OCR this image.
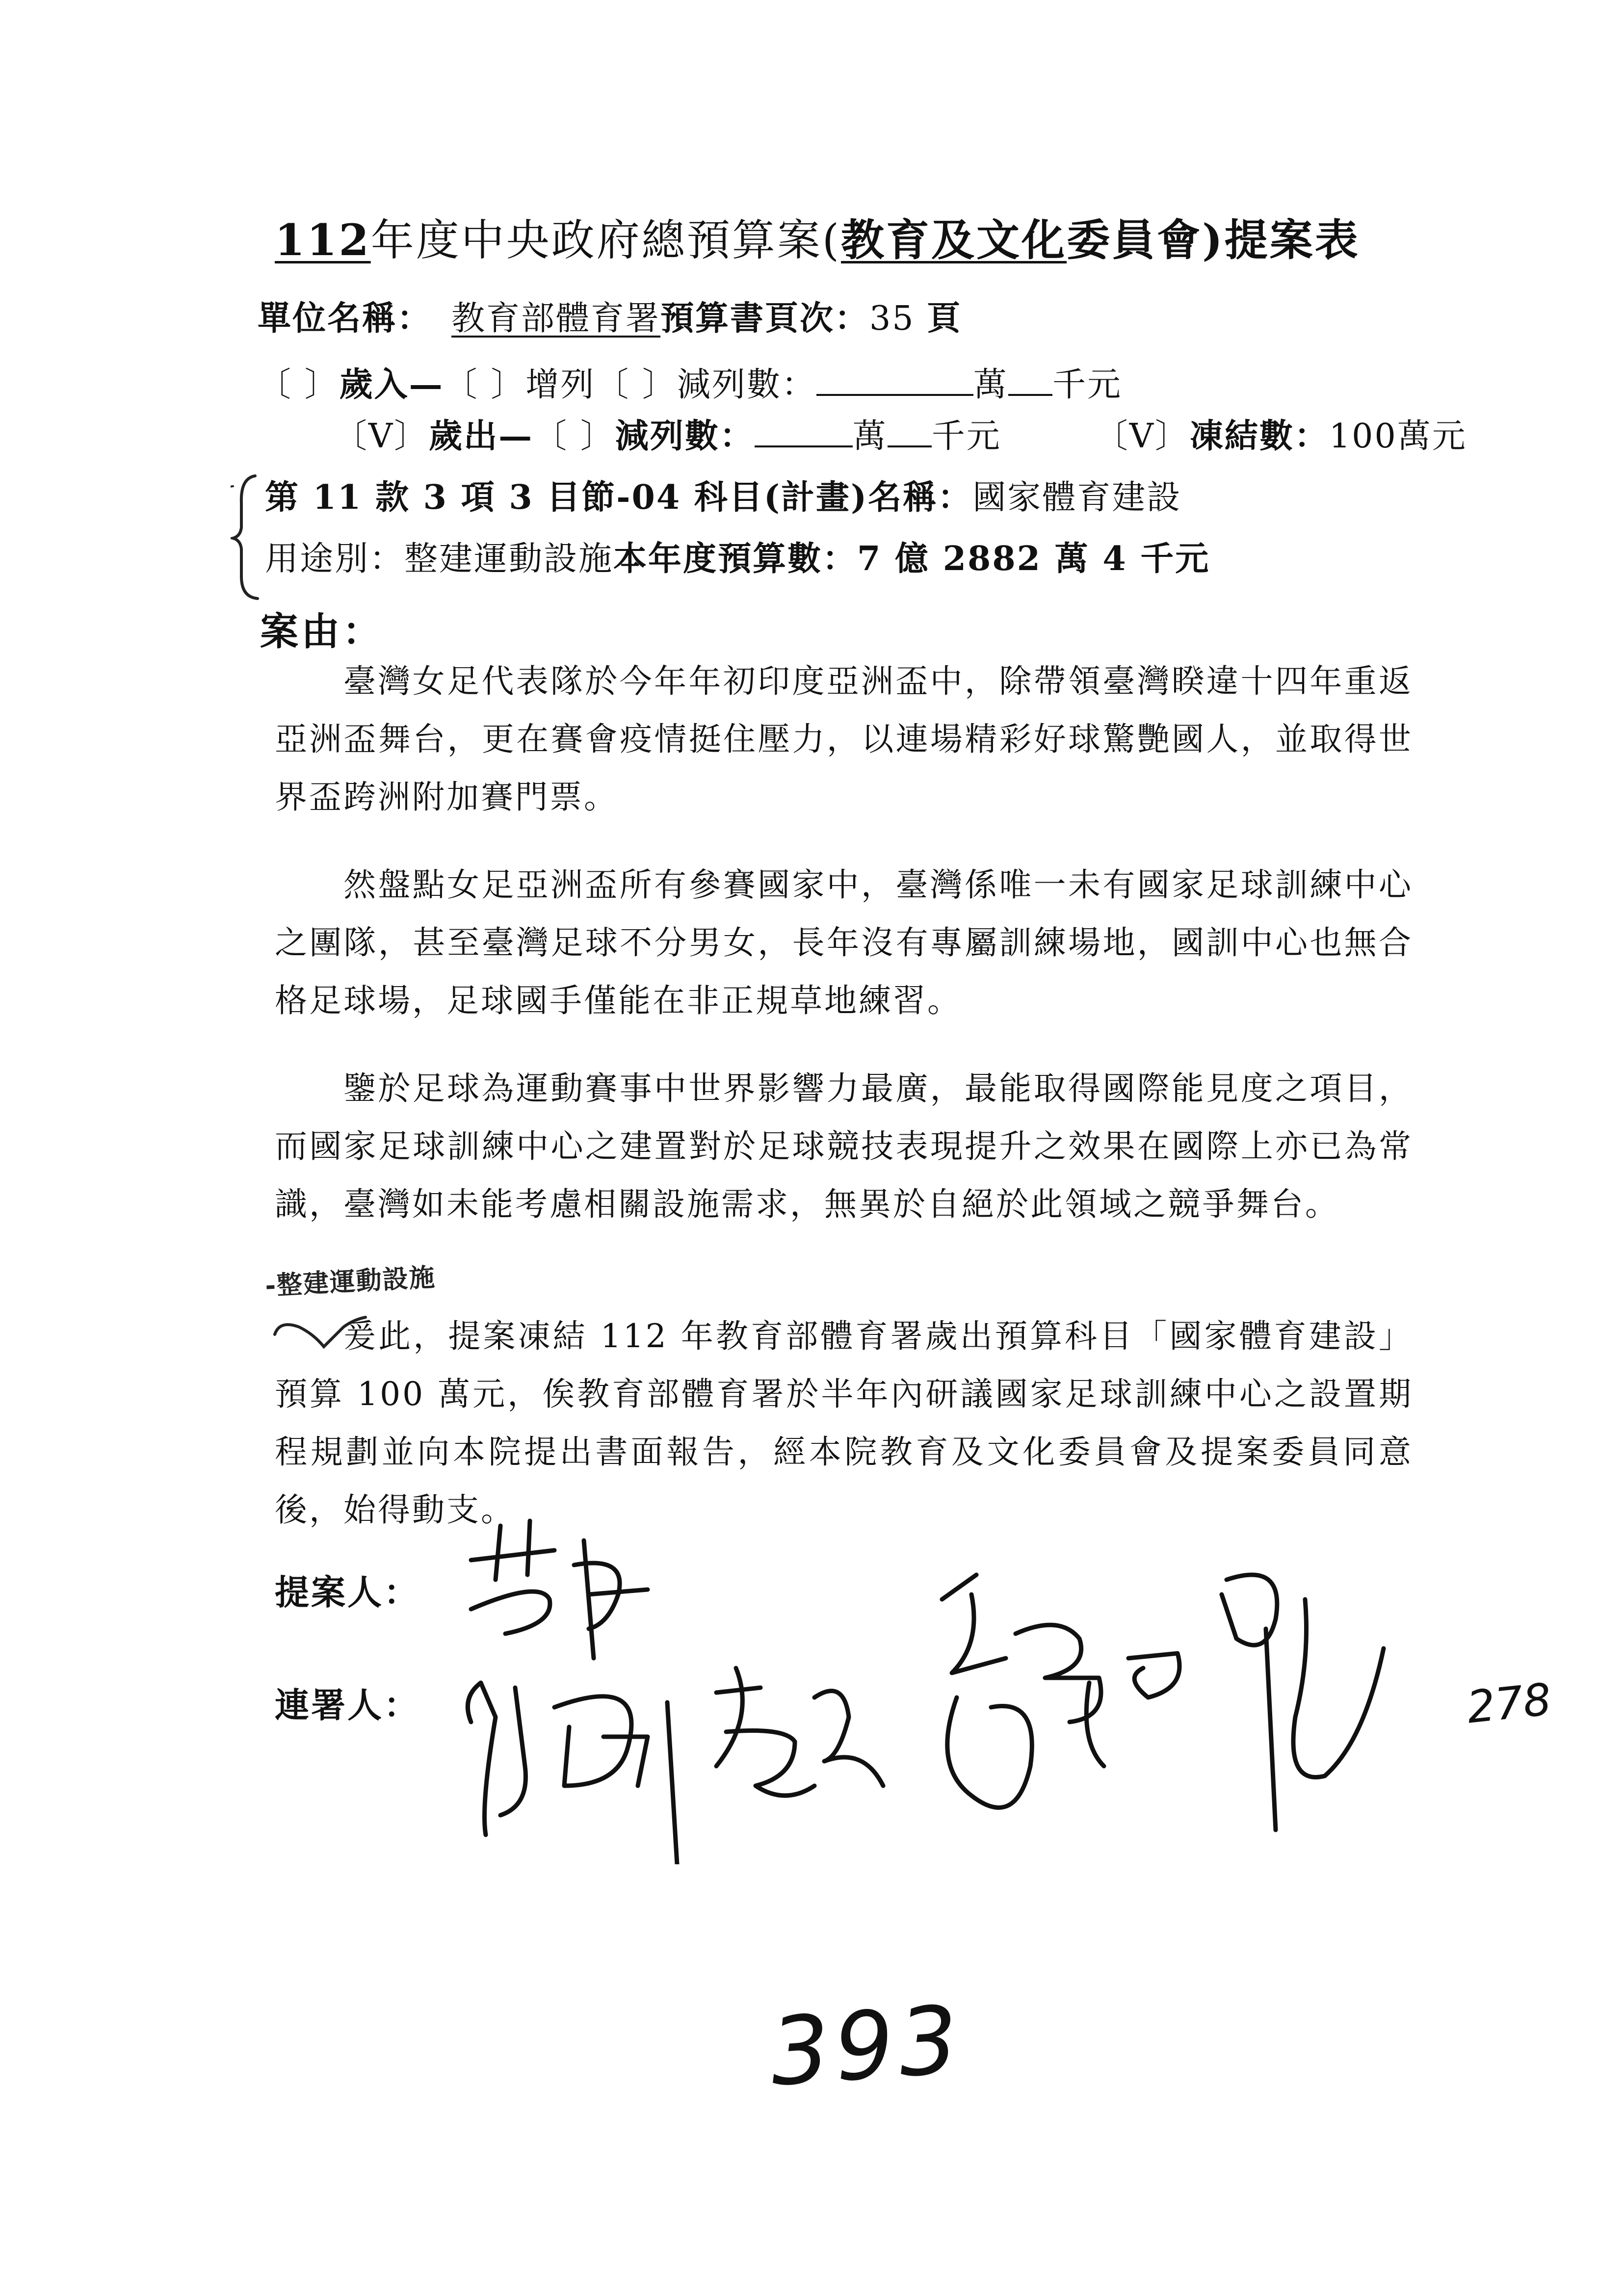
112年度中央政府總預算案(教育及文化委員會)提案表
單位名稱： 教育部體育署預算書頁次：35 頁
〔 〕歲入—〔 〕增列〔 〕減列數：	萬 千元
〔V〕歲出—〔 〕減列數：	萬 千元	〔V〕凍結數：100萬元
第 11 款 3 項 3 目節-04 科目(計畫)名稱：國家體育建設
用途別：整建運動設施本年度預算數：7 億 2882 萬 4 千元
案由：
臺灣女足代表隊於今年年初印度亞洲盃中，除帶領臺灣睽違十四年重返亞洲盃舞台，更在賽會疫情挺住壓力，以連場精彩好球驚艷國人，並取得世界盃跨洲附加賽門票。
然盤點女足亞洲盃所有參賽國家中，臺灣係唯一未有國家足球訓練中心之團隊，甚至臺灣足球不分男女，長年沒有專屬訓練場地，國訓中心也無合格足球場，足球國手僅能在非正規草地練習。
鑒於足球為運動賽事中世界影響力最廣，最能取得國際能見度之項目，而國家足球訓練中心之建置對於足球競技表現提升之效果在國際上亦已為常識，臺灣如未能考慮相關設施需求，無異於自絕於此領域之競爭舞台。
-整建運動設施
爰此，提案凍結 112 年教育部體育署歲出預算科目「國家體育建設」預算 100 萬元，俟教育部體育署於半年內研議國家足球訓練中心之設置期程規劃並向本院提出書面報告，經本院教育及文化委員會及提案委員同意後，始得動支。
提案人：
連署人：
393
278
